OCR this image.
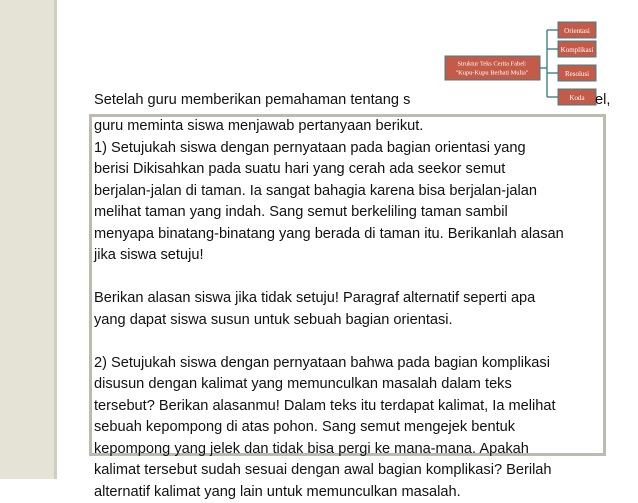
Struktur Teks Cerita Fabel:
"Kupu-Kupu Berhati Mulia"
Orientasi
Komplikasi
Resolusi
Koda
Setelah guru memberikan pemahaman tentang s	el,
guru meminta siswa menjawab pertanyaan berikut.
1) Setujukah siswa dengan pernyataan pada bagian orientasi yang
berisi Dikisahkan pada suatu hari yang cerah ada seekor semut
berjalan-jalan di taman. Ia sangat bahagia karena bisa berjalan-jalan
melihat taman yang indah. Sang semut berkeliling taman sambil
menyapa binatang-binatang yang berada di taman itu. Berikanlah alasan
jika siswa setuju!
Berikan alasan siswa jika tidak setuju! Paragraf alternatif seperti apa
yang dapat siswa susun untuk sebuah bagian orientasi.
2) Setujukah siswa dengan pernyataan bahwa pada bagian komplikasi
disusun dengan kalimat yang memunculkan masalah dalam teks
tersebut? Berikan alasanmu! Dalam teks itu terdapat kalimat, Ia melihat
sebuah kepompong di atas pohon. Sang semut mengejek bentuk
kepompong yang jelek dan tidak bisa pergi ke mana-mana. Apakah
kalimat tersebut sudah sesuai dengan awal bagian komplikasi? Berilah
alternatif kalimat yang lain untuk memunculkan masalah.
